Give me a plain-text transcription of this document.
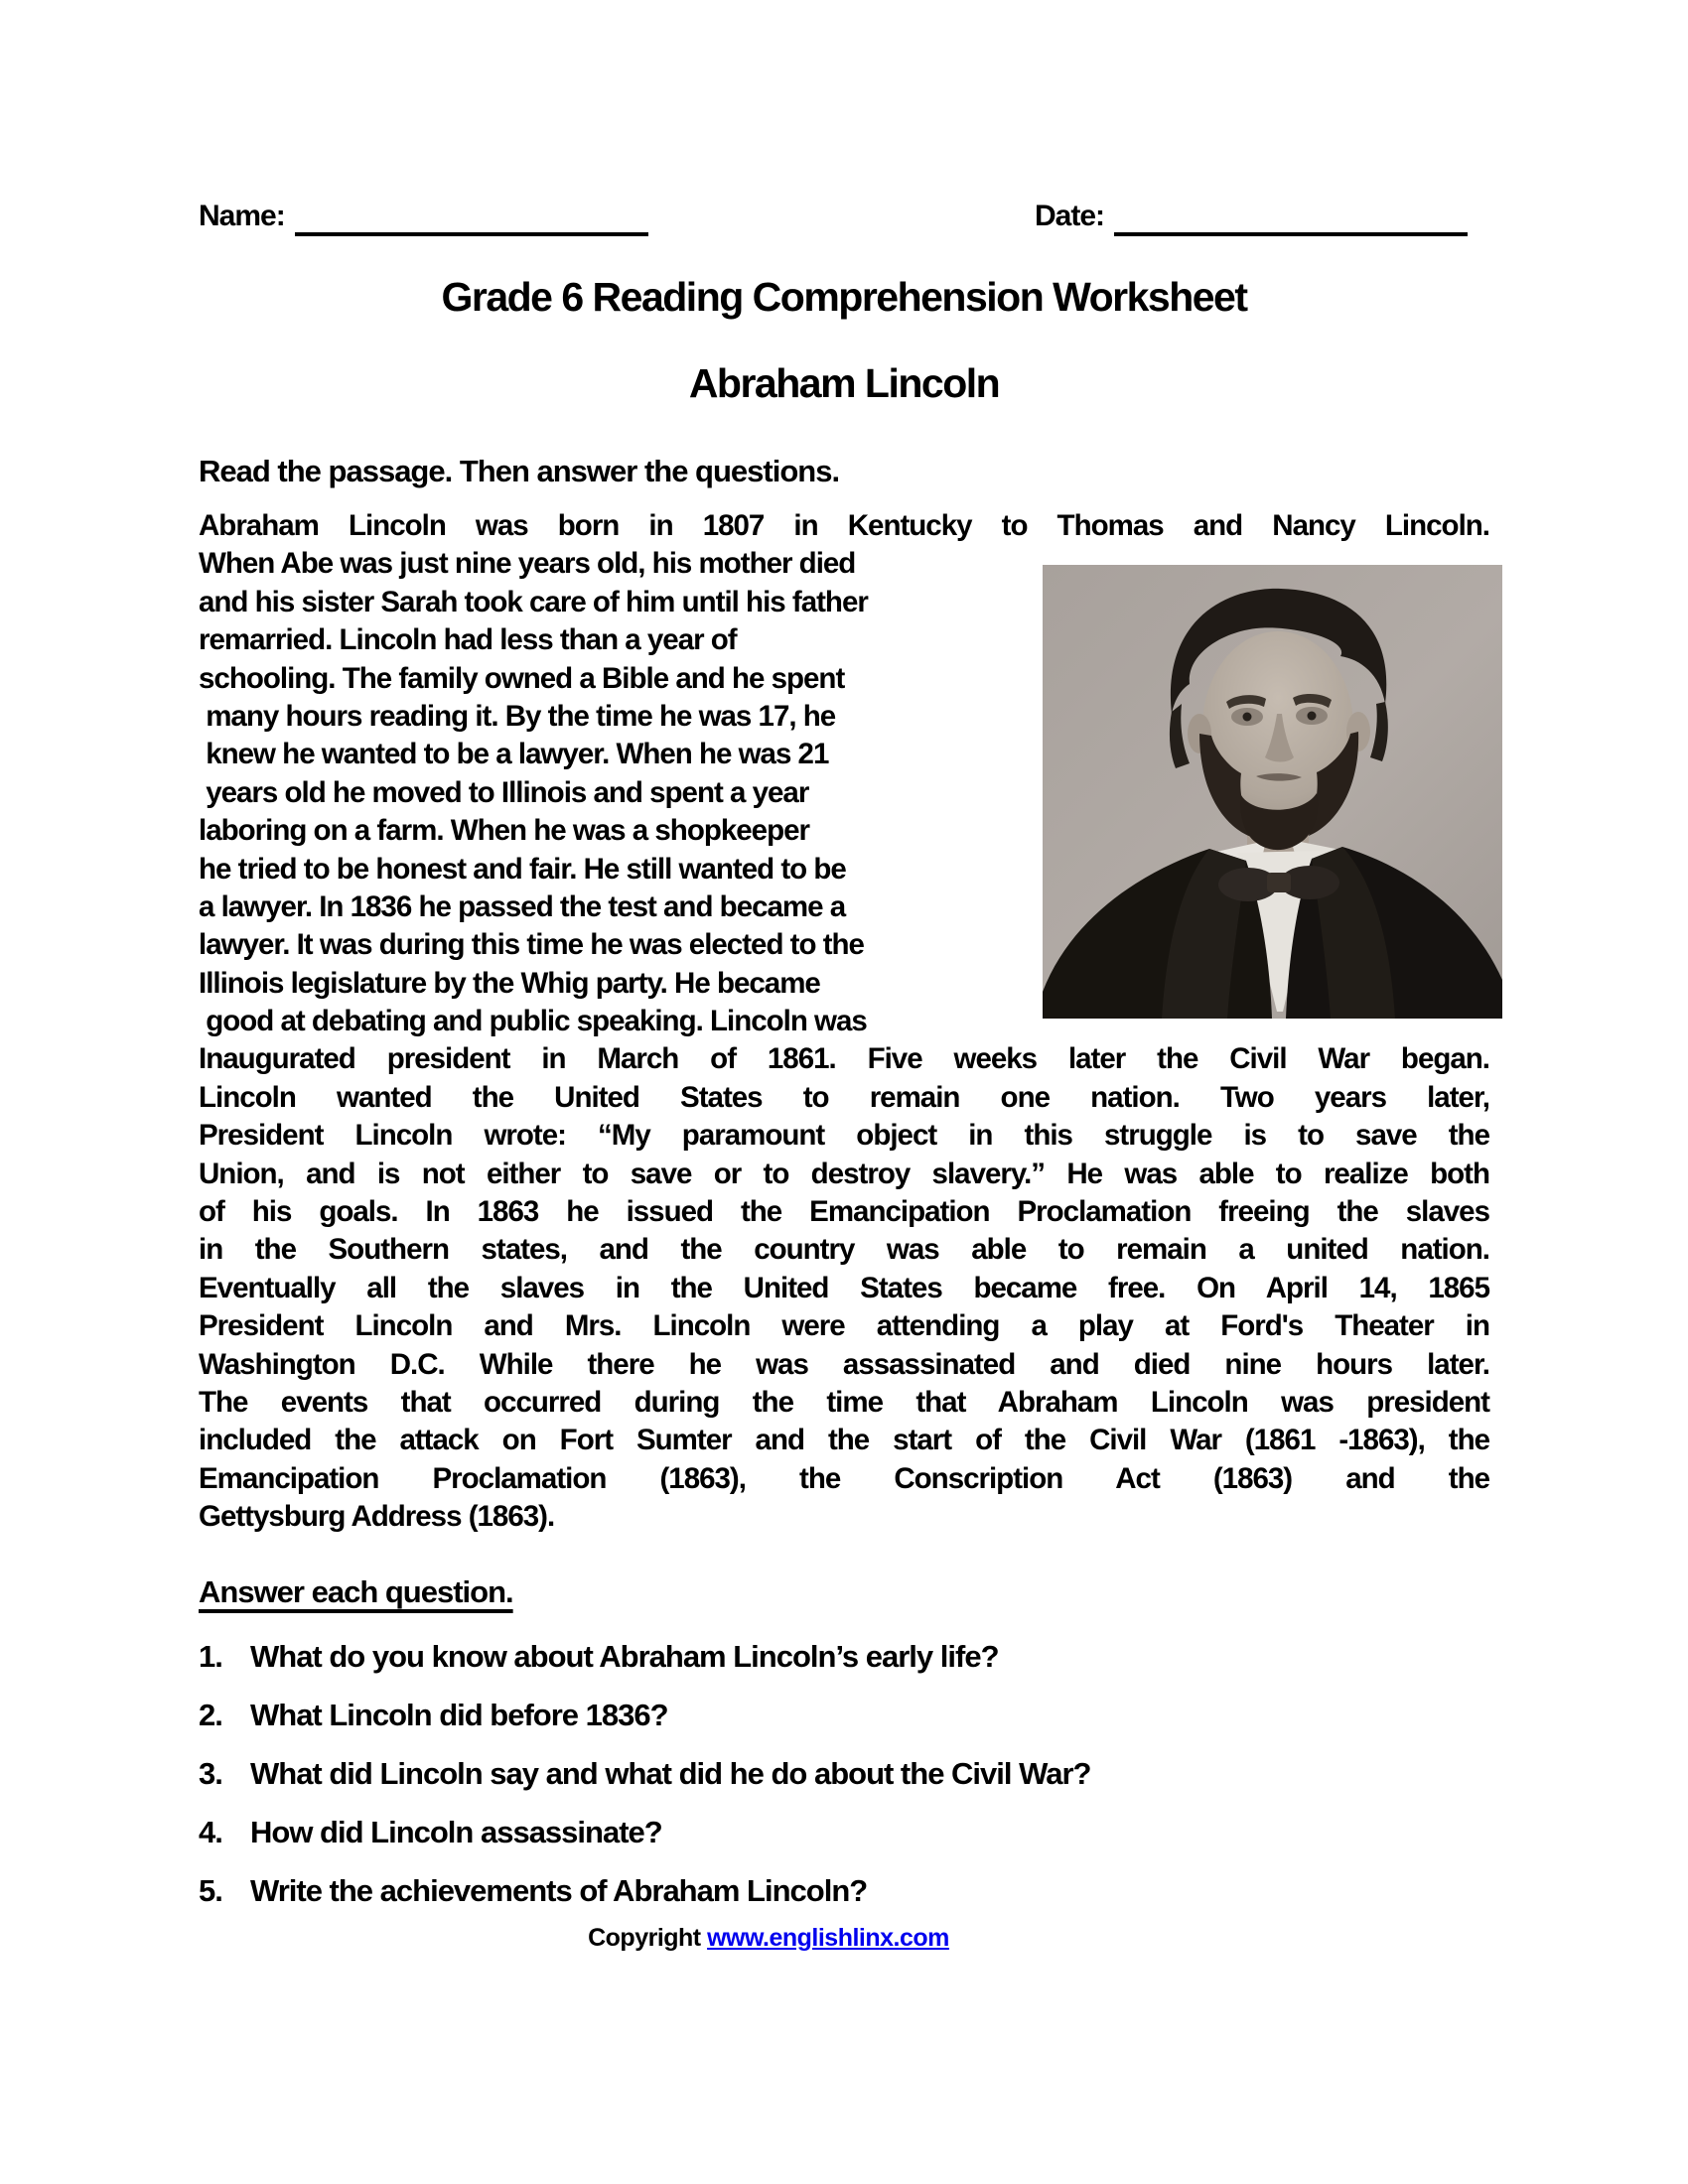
Name:	Date:
Grade 6 Reading Comprehension Worksheet
Abraham Lincoln
Read the passage. Then answer the questions.
Abraham Lincoln was born in 1807 in Kentucky to Thomas and Nancy Lincoln.
When Abe was just nine years old, his mother died
and his sister Sarah took care of him until his father
remarried. Lincoln had less than a year of
schooling. The family owned a Bible and he spent
many hours reading it. By the time he was 17, he
knew he wanted to be a lawyer. When he was 21
years old he moved to Illinois and spent a year
laboring on a farm. When he was a shopkeeper
he tried to be honest and fair. He still wanted to be
a lawyer. In 1836 he passed the test and became a
lawyer. It was during this time he was elected to the
Illinois legislature by the Whig party. He became
good at debating and public speaking. Lincoln was
Inaugurated president in March of 1861. Five weeks later the Civil War began.
Lincoln wanted the United States to remain one nation. Two years later,
President Lincoln wrote: “My paramount object in this struggle is to save the
Union, and is not either to save or to destroy slavery.” He was able to realize both
of his goals. In 1863 he issued the Emancipation Proclamation freeing the slaves
in the Southern states, and the country was able to remain a united nation.
Eventually all the slaves in the United States became free. On April 14, 1865
President Lincoln and Mrs. Lincoln were attending a play at Ford's Theater in
Washington D.C. While there he was assassinated and died nine hours later.
The events that occurred during the time that Abraham Lincoln was president
included the attack on Fort Sumter and the start of the Civil War (1861 -1863), the
Emancipation Proclamation (1863), the Conscription Act (1863) and the
Gettysburg Address (1863).
Answer each question.
1. What do you know about Abraham Lincoln’s early life?
2. What Lincoln did before 1836?
3. What did Lincoln say and what did he do about the Civil War?
4. How did Lincoln assassinate?
5. Write the achievements of Abraham Lincoln?
Copyright www.englishlinx.com
